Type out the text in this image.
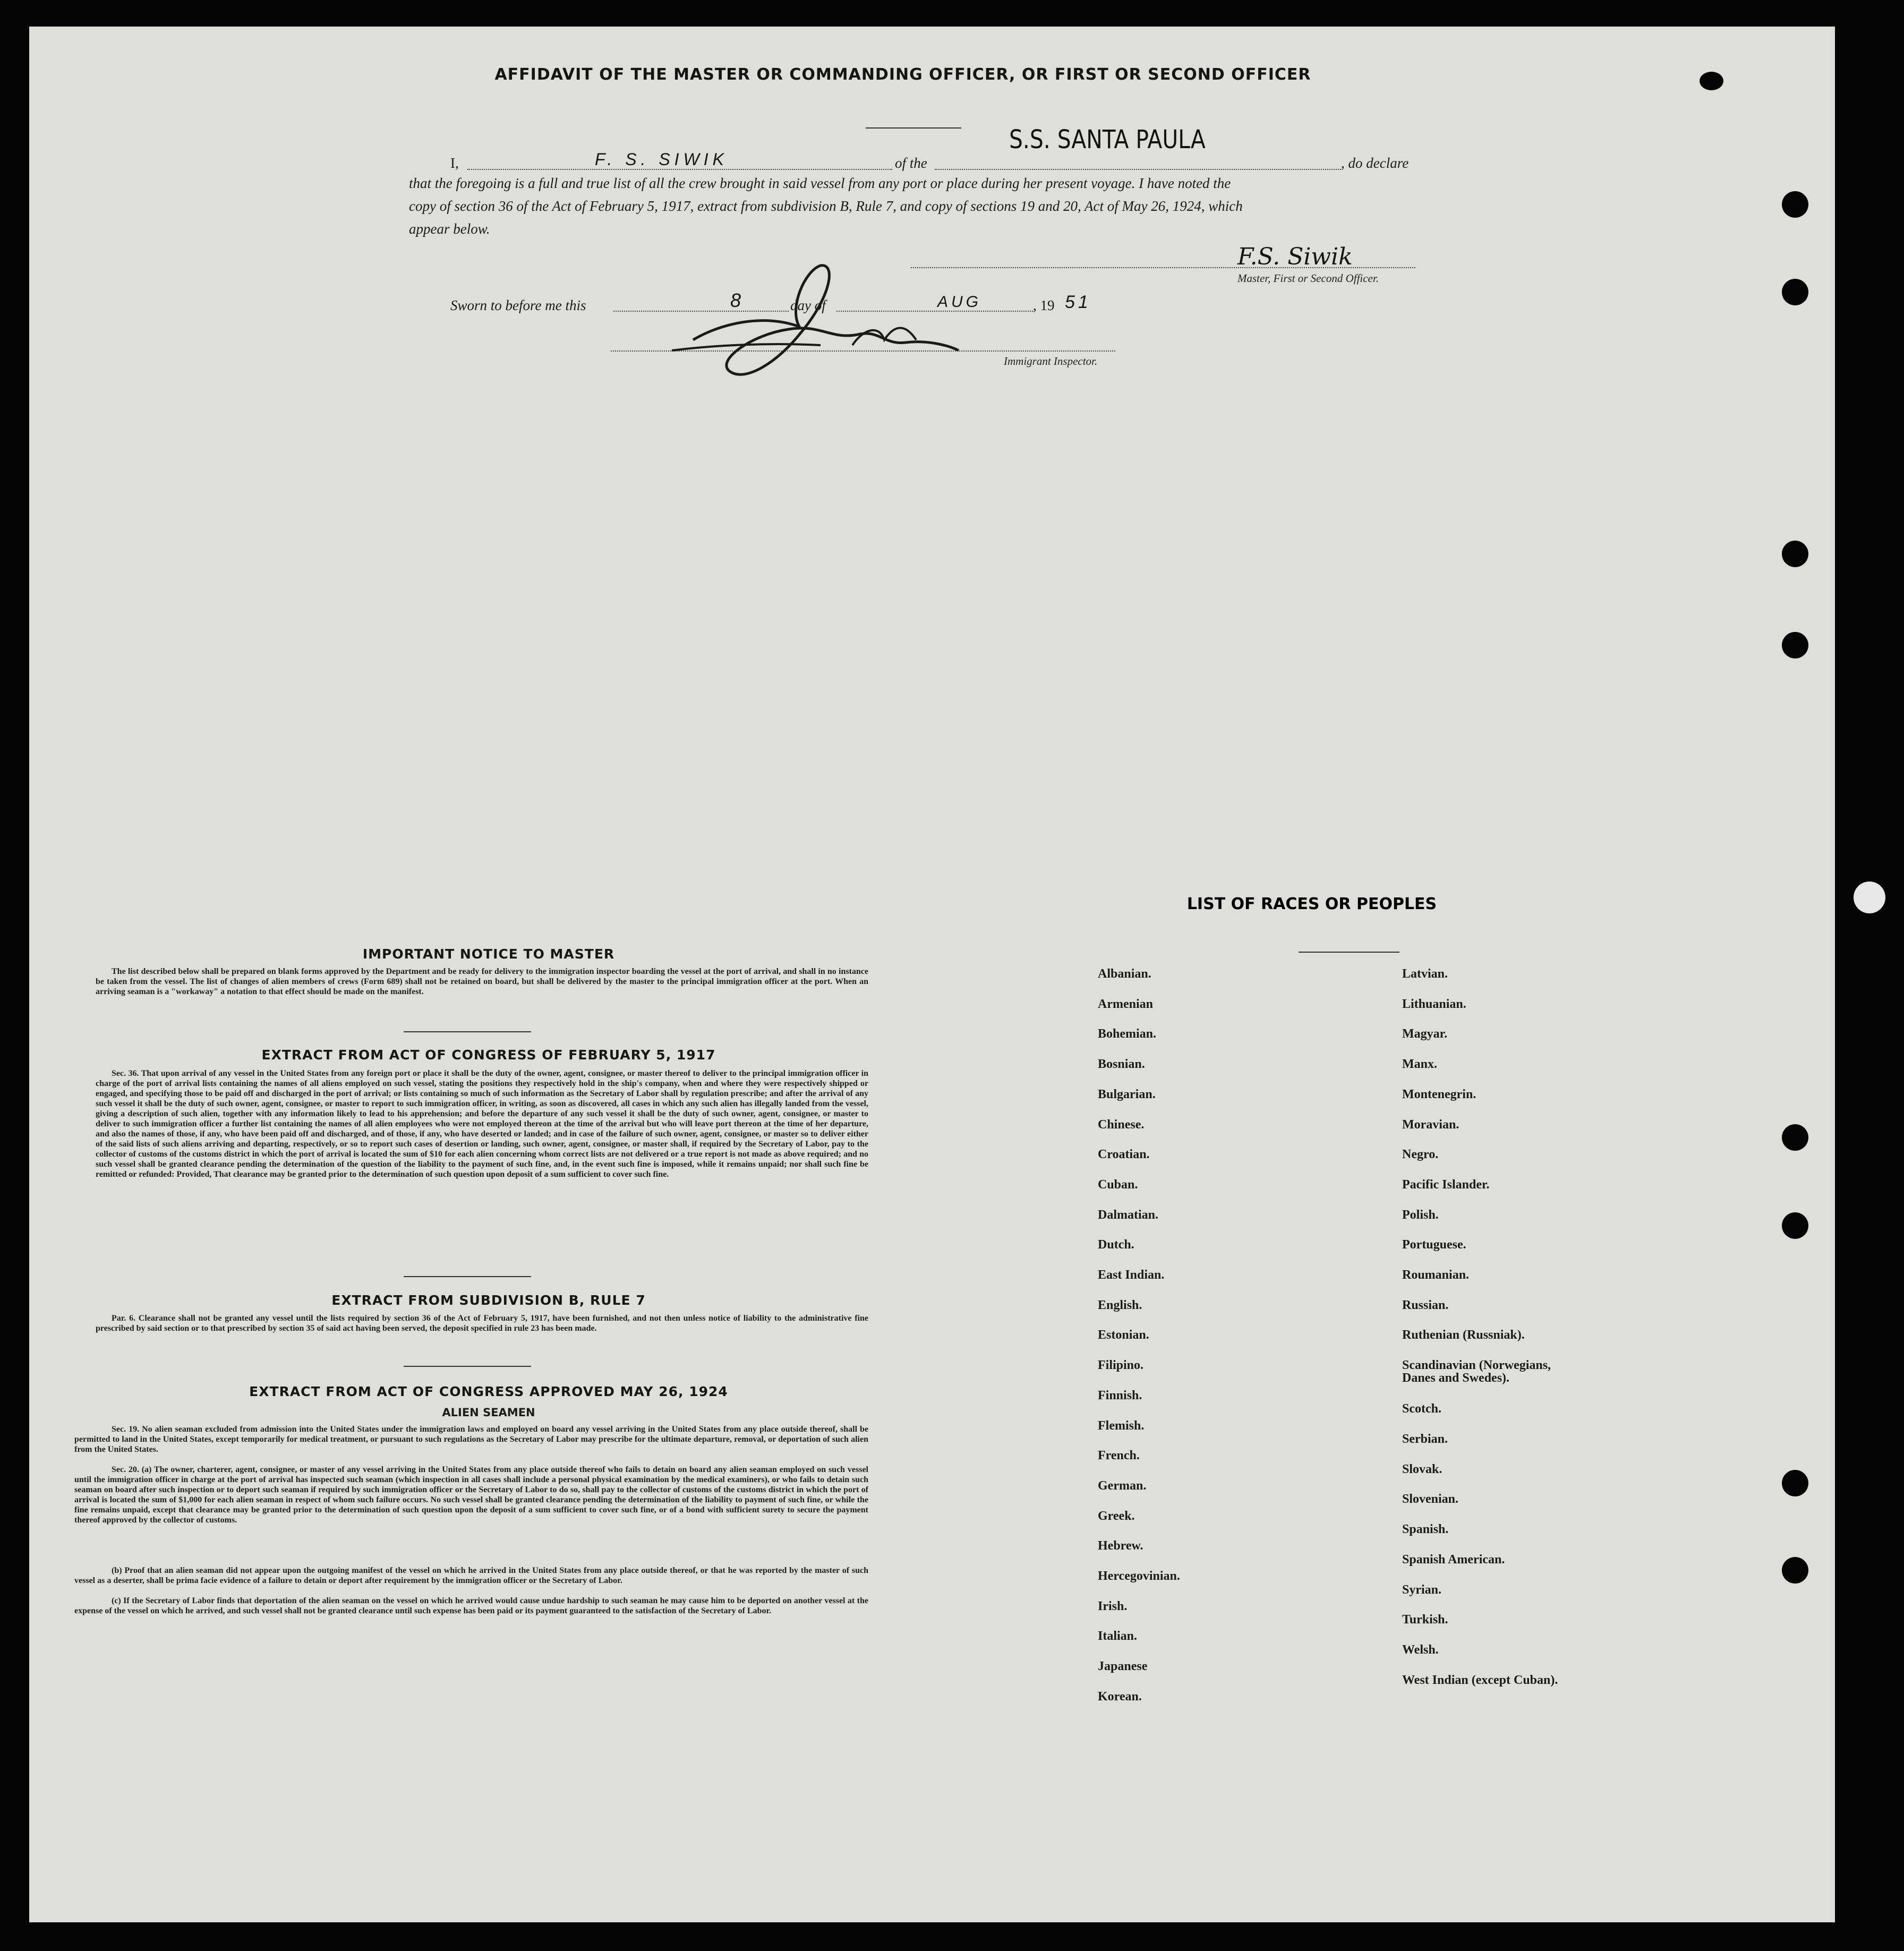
AFFIDAVIT OF THE MASTER OR COMMANDING OFFICER, OR FIRST OR SECOND OFFICER
S.S. SANTA PAULA
I,	F. S. SIWIK	of the	, do declare
that the foregoing is a full and true list of all the crew brought in said vessel from any port or place during her present voyage. I have noted the
copy of section 36 of the Act of February 5, 1917, extract from subdivision B, Rule 7, and copy of sections 19 and 20, Act of May 26, 1924, which
appear below.
F.S. Siwik
Master, First or Second Officer.
Sworn to before me this	8	day of	AUG	, 19 51
Immigrant Inspector.
IMPORTANT NOTICE TO MASTER
The list described below shall be prepared on blank forms approved by the Department and be ready for delivery to the immigration inspector boarding the vessel at the port of arrival, and shall in no instance be taken from the vessel. The list of changes of alien members of crews (Form 689) shall not be retained on board, but shall be delivered by the master to the principal immigration officer at the port. When an arriving seaman is a "workaway" a notation to that effect should be made on the manifest.
EXTRACT FROM ACT OF CONGRESS OF FEBRUARY 5, 1917
Sec. 36. That upon arrival of any vessel in the United States from any foreign port or place it shall be the duty of the owner, agent, consignee, or master thereof to deliver to the principal immigration officer in charge of the port of arrival lists containing the names of all aliens employed on such vessel, stating the positions they respectively hold in the ship's company, when and where they were respectively shipped or engaged, and specifying those to be paid off and discharged in the port of arrival; or lists containing so much of such information as the Secretary of Labor shall by regulation prescribe; and after the arrival of any such vessel it shall be the duty of such owner, agent, consignee, or master to report to such immigration officer, in writing, as soon as discovered, all cases in which any such alien has illegally landed from the vessel, giving a description of such alien, together with any information likely to lead to his apprehension; and before the departure of any such vessel it shall be the duty of such owner, agent, consignee, or master to deliver to such immigration officer a further list containing the names of all alien employees who were not employed thereon at the time of the arrival but who will leave port thereon at the time of her departure, and also the names of those, if any, who have been paid off and discharged, and of those, if any, who have deserted or landed; and in case of the failure of such owner, agent, consignee, or master so to deliver either of the said lists of such aliens arriving and departing, respectively, or so to report such cases of desertion or landing, such owner, agent, consignee, or master shall, if required by the Secretary of Labor, pay to the collector of customs of the customs district in which the port of arrival is located the sum of $10 for each alien concerning whom correct lists are not delivered or a true report is not made as above required; and no such vessel shall be granted clearance pending the determination of the question of the liability to the payment of such fine, and, in the event such fine is imposed, while it remains unpaid; nor shall such fine be remitted or refunded: Provided, That clearance may be granted prior to the determination of such question upon deposit of a sum sufficient to cover such fine.
EXTRACT FROM SUBDIVISION B, RULE 7
Par. 6. Clearance shall not be granted any vessel until the lists required by section 36 of the Act of February 5, 1917, have been furnished, and not then unless notice of liability to the administrative fine prescribed by said section or to that prescribed by section 35 of said act having been served, the deposit specified in rule 23 has been made.
EXTRACT FROM ACT OF CONGRESS APPROVED MAY 26, 1924
ALIEN SEAMEN
Sec. 19. No alien seaman excluded from admission into the United States under the immigration laws and employed on board any vessel arriving in the United States from any place outside thereof, shall be permitted to land in the United States, except temporarily for medical treatment, or pursuant to such regulations as the Secretary of Labor may prescribe for the ultimate departure, removal, or deportation of such alien from the United States.
Sec. 20. (a) The owner, charterer, agent, consignee, or master of any vessel arriving in the United States from any place outside thereof who fails to detain on board any alien seaman employed on such vessel until the immigration officer in charge at the port of arrival has inspected such seaman (which inspection in all cases shall include a personal physical examination by the medical examiners), or who fails to detain such seaman on board after such inspection or to deport such seaman if required by such immigration officer or the Secretary of Labor to do so, shall pay to the collector of customs of the customs district in which the port of arrival is located the sum of $1,000 for each alien seaman in respect of whom such failure occurs. No such vessel shall be granted clearance pending the determination of the liability to payment of such fine, or while the fine remains unpaid, except that clearance may be granted prior to the determination of such question upon the deposit of a sum sufficient to cover such fine, or of a bond with sufficient surety to secure the payment thereof approved by the collector of customs.
(b) Proof that an alien seaman did not appear upon the outgoing manifest of the vessel on which he arrived in the United States from any place outside thereof, or that he was reported by the master of such vessel as a deserter, shall be prima facie evidence of a failure to detain or deport after requirement by the immigration officer or the Secretary of Labor.
(c) If the Secretary of Labor finds that deportation of the alien seaman on the vessel on which he arrived would cause undue hardship to such seaman he may cause him to be deported on another vessel at the expense of the vessel on which he arrived, and such vessel shall not be granted clearance until such expense has been paid or its payment guaranteed to the satisfaction of the Secretary of Labor.
LIST OF RACES OR PEOPLES
Albanian.
Armenian
Bohemian.
Bosnian.
Bulgarian.
Chinese.
Croatian.
Cuban.
Dalmatian.
Dutch.
East Indian.
English.
Estonian.
Filipino.
Finnish.
Flemish.
French.
German.
Greek.
Hebrew.
Hercegovinian.
Irish.
Italian.
Japanese
Korean.
Latvian.
Lithuanian.
Magyar.
Manx.
Montenegrin.
Moravian.
Negro.
Pacific Islander.
Polish.
Portuguese.
Roumanian.
Russian.
Ruthenian (Russniak).
Scandinavian (Norwegians,
Danes and Swedes).
Scotch.
Serbian.
Slovak.
Slovenian.
Spanish.
Spanish American.
Syrian.
Turkish.
Welsh.
West Indian (except Cuban).
